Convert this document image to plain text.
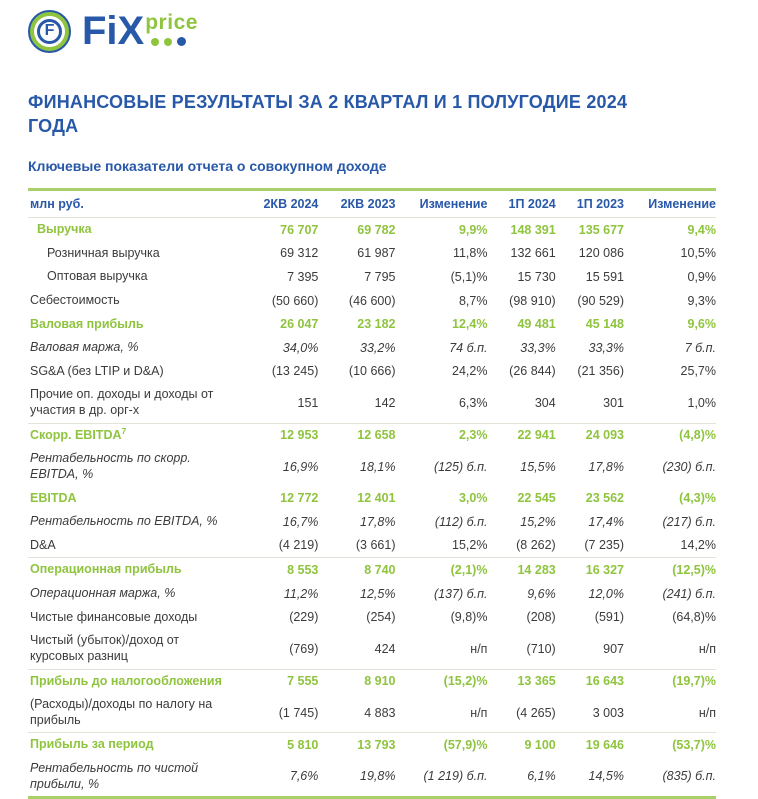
F FiX price
ФИНАНСОВЫЕ РЕЗУЛЬТАТЫ ЗА 2 КВАРТАЛ И 1 ПОЛУГОДИЕ 2024
ГОДА
Ключевые показатели отчета о совокупном доходе
млн руб.	2КВ 2024	2КВ 2023	Изменение	1П 2024	1П 2023	Изменение
Выручка	76 707	69 782	9,9%	148 391	135 677	9,4%
Розничная выручка	69 312	61 987	11,8%	132 661	120 086	10,5%
Оптовая выручка	7 395	7 795	(5,1)%	15 730	15 591	0,9%
Себестоимость	(50 660)	(46 600)	8,7%	(98 910)	(90 529)	9,3%
Валовая прибыль	26 047	23 182	12,4%	49 481	45 148	9,6%
Валовая маржа, %	34,0%	33,2%	74 б.п.	33,3%	33,3%	7 б.п.
SG&A (без LTIP и D&A)	(13 245)	(10 666)	24,2%	(26 844)	(21 356)	25,7%
Прочие оп. доходы и доходы от участия в др. орг-х	151	142	6,3%	304	301	1,0%
Скорр. EBITDA$^7$	12 953	12 658	2,3%	22 941	24 093	(4,8)%
Рентабельность по скорр. EBITDA, %	16,9%	18,1%	(125) б.п.	15,5%	17,8%	(230) б.п.
EBITDA	12 772	12 401	3,0%	22 545	23 562	(4,3)%
Рентабельность по EBITDA, %	16,7%	17,8%	(112) б.п.	15,2%	17,4%	(217) б.п.
D&A	(4 219)	(3 661)	15,2%	(8 262)	(7 235)	14,2%
Операционная прибыль	8 553	8 740	(2,1)%	14 283	16 327	(12,5)%
Операционная маржа, %	11,2%	12,5%	(137) б.п.	9,6%	12,0%	(241) б.п.
Чистые финансовые доходы	(229)	(254)	(9,8)%	(208)	(591)	(64,8)%
Чистый (убыток)/доход от курсовых разниц	(769)	424	н/п	(710)	907	н/п
Прибыль до налогообложения	7 555	8 910	(15,2)%	13 365	16 643	(19,7)%
(Расходы)/доходы по налогу на прибыль	(1 745)	4 883	н/п	(4 265)	3 003	н/п
Прибыль за период	5 810	13 793	(57,9)%	9 100	19 646	(53,7)%
Рентабельность по чистой прибыли, %	7,6%	19,8%	(1 219) б.п.	6,1%	14,5%	(835) б.п.
